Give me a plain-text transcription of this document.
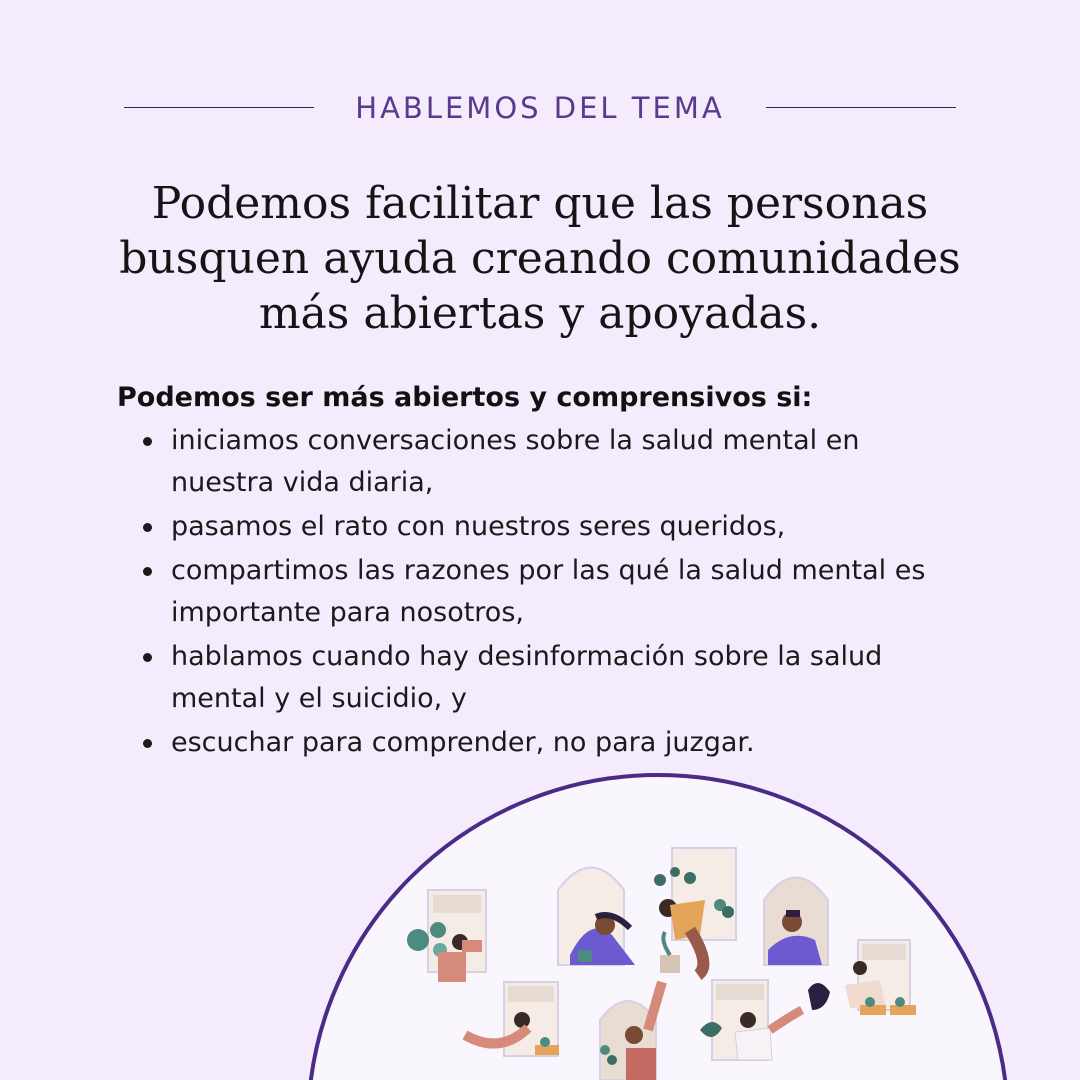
HABLEMOS DEL TEMA
Podemos facilitar que las personas busquen ayuda creando comunidades más abiertas y apoyadas.

Podemos ser más abiertos y comprensivos si:

iniciamos conversaciones sobre la salud mental en nuestra vida diaria,
pasamos el rato con nuestros seres queridos,
compartimos las razones por las qué la salud mental es importante para nosotros,
hablamos cuando hay desinformación sobre la salud mental y el suicidio, y
escuchar para comprender, no para juzgar.
